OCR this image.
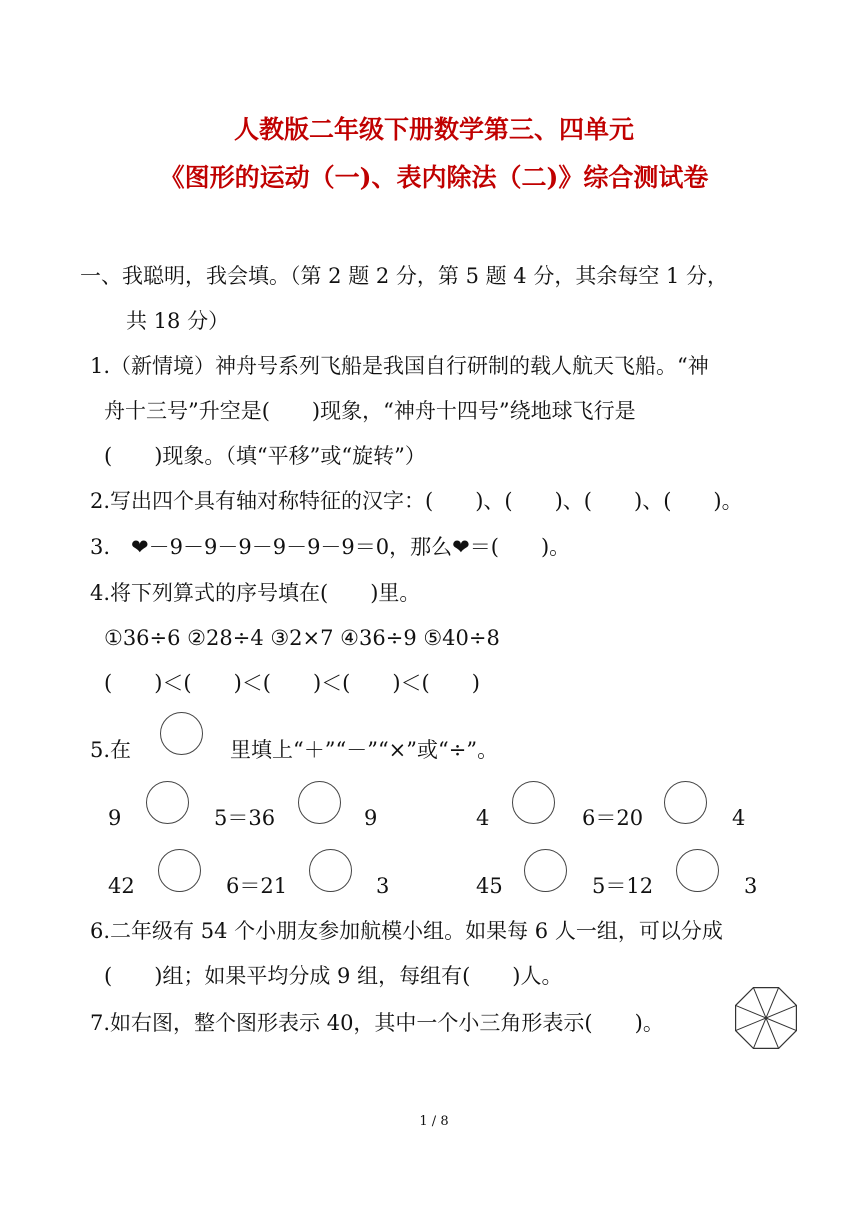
人教版二年级下册数学第三、四单元
《图形的运动（一)、表内除法（二)》综合测试卷
一、我聪明，我会填。（第 2 题 2 分，第 5 题 4 分，其余每空 1 分，
共 18 分）
1.（新情境）神舟号系列飞船是我国自行研制的载人航天飞船。“神
舟十三号”升空是(　　)现象，“神舟十四号”绕地球飞行是
(　　)现象。（填“平移”或“旋转”）
2.写出四个具有轴对称特征的汉字：(　　)、(　　)、(　　)、(　　)。
3.　❤－9－9－9－9－9－9＝0，那么❤＝(　　)。
4.将下列算式的序号填在(　　)里。
①36÷6 ②28÷4 ③2×7 ④36÷9 ⑤40÷8
(　　)＜(　　)＜(　　)＜(　　)＜(　　)
5.在	里填上“＋”“－”“×”或“÷”。
9	5＝36	9	4	6＝20	4
42	6＝21	3	45	5＝12	3
6.二年级有 54 个小朋友参加航模小组。如果每 6 人一组，可以分成
(　　)组；如果平均分成 9 组，每组有(　　)人。
7.如右图，整个图形表示 40，其中一个小三角形表示(　　)。
1 / 8
